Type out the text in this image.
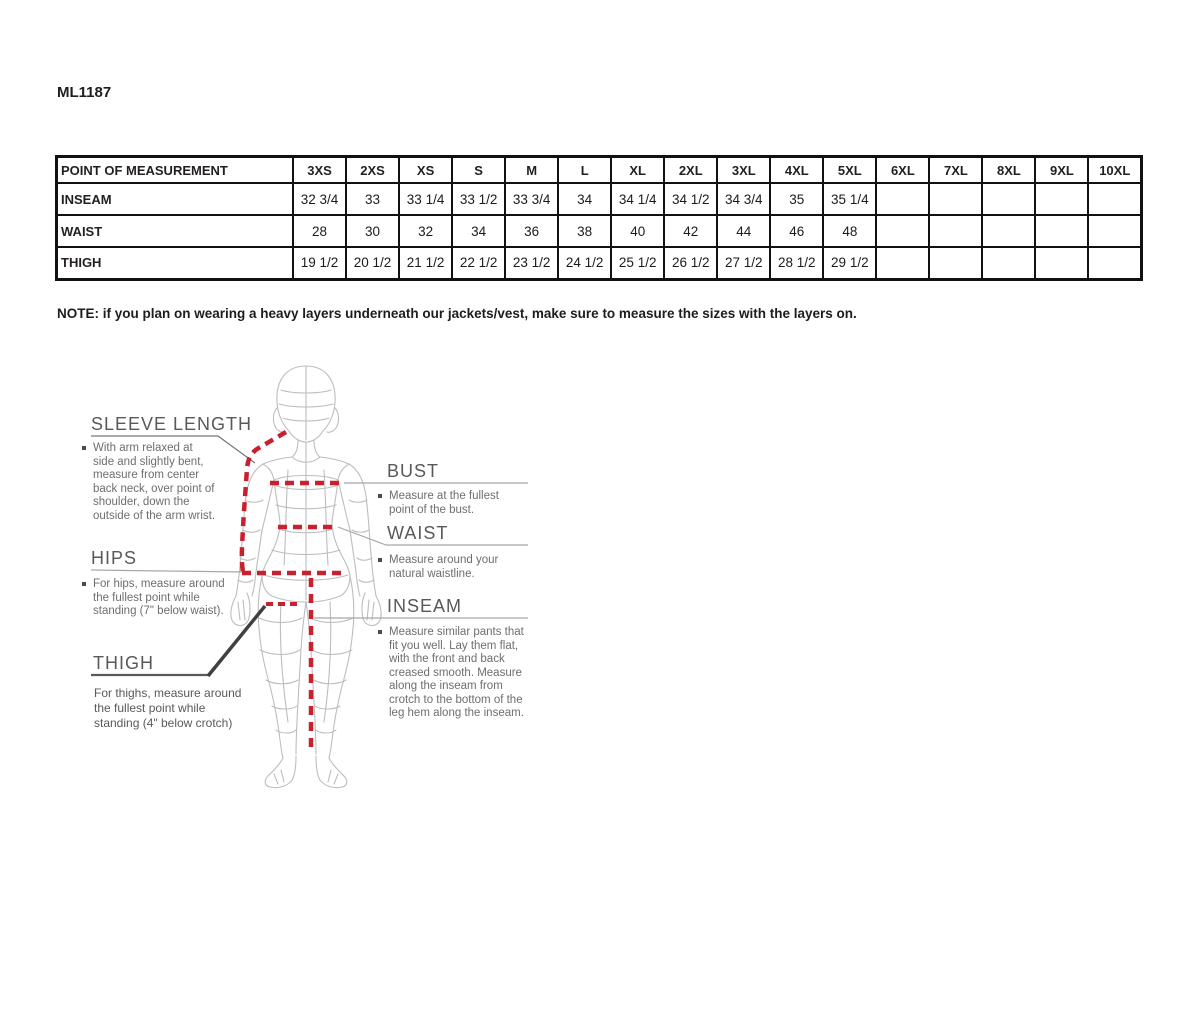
ML1187
POINT OF MEASUREMENT	3XS	2XS	XS	S	M	L	XL	2XL	3XL	4XL	5XL	6XL	7XL	8XL	9XL	10XL
INSEAM	32 3/4	33	33 1/4	33 1/2	33 3/4	34	34 1/4	34 1/2	34 3/4	35	35 1/4					
WAIST	28	30	32	34	36	38	40	42	44	46	48					
THIGH	19 1/2	20 1/2	21 1/2	22 1/2	23 1/2	24 1/2	25 1/2	26 1/2	27 1/2	28 1/2	29 1/2					
NOTE: if you plan on wearing a heavy layers underneath our jackets/vest, make sure to measure the sizes with the layers on.
SLEEVE LENGTH
With arm relaxed at side and slightly bent, measure from center back neck, over point of shoulder, down the outside of the arm wrist.
HIPS
For hips, measure around the fullest point while standing (7" below waist).
THIGH
For thighs, measure around the fullest point while standing (4" below crotch)
BUST
Measure at the fullest point of the bust.
WAIST
Measure around your natural waistline.
INSEAM
Measure similar pants that fit you well. Lay them flat, with the front and back creased smooth. Measure along the inseam from crotch to the bottom of the leg hem along the inseam.
